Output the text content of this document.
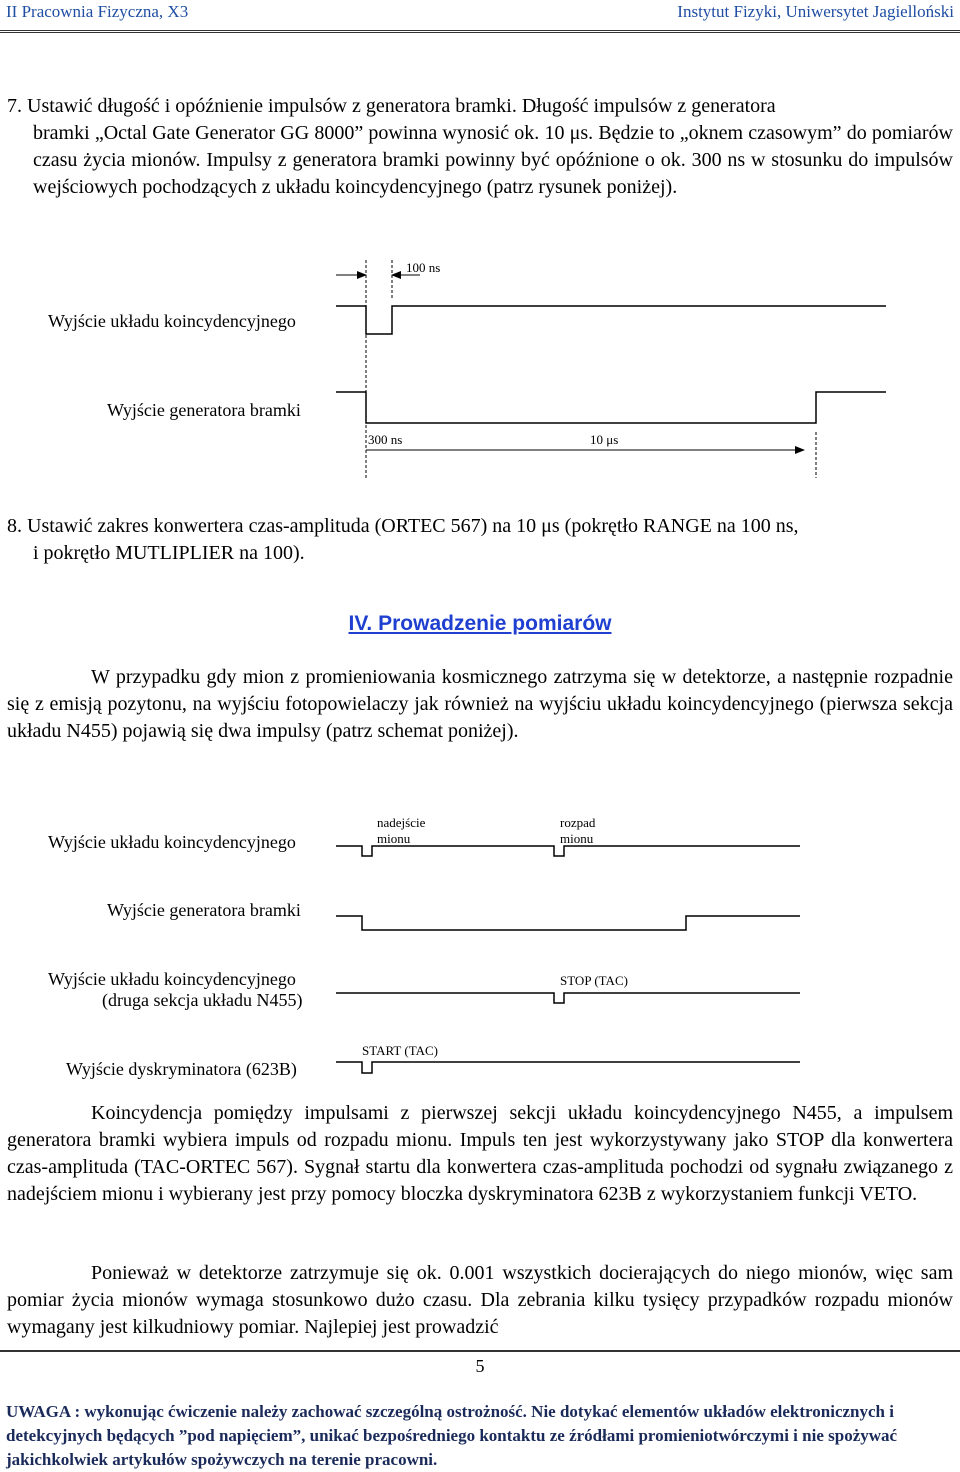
II Pracownia Fizyczna, X3	Instytut Fizyki, Uniwersytet Jagielloński
7. Ustawić długość i opóźnienie impulsów z generatora bramki. Długość impulsów z generatora
bramki „Octal Gate Generator GG 8000” powinna wynosić ok. 10 μs. Będzie to „oknem czasowym” do pomiarów czasu życia mionów. Impulsy z generatora bramki powinny być opóźnione o ok. 300 ns w stosunku do impulsów wejściowych pochodzących z układu koincydencyjnego (patrz rysunek poniżej).
Wyjście układu koincydencyjnego
Wyjście generatora bramki
100 ns
300 ns	10 μs
Wyjście układu koincydencyjnego
Wyjście generatora bramki
Wyjście układu koincydencyjnego
(druga sekcja układu N455)
Wyjście dyskryminatora (623B)
nadejście
mionu
rozpad
mionu
STOP (TAC)
START (TAC)
8. Ustawić zakres konwertera czas-amplituda (ORTEC 567) na 10 μs (pokrętło RANGE na 100 ns,
i pokrętło MUTLIPLIER na 100).
IV. Prowadzenie pomiarów
W przypadku gdy mion z promieniowania kosmicznego zatrzyma się w detektorze, a następnie rozpadnie się z emisją pozytonu, na wyjściu fotopowielaczy jak również na wyjściu układu koincydencyjnego (pierwsza sekcja układu N455) pojawią się dwa impulsy (patrz schemat poniżej).
Koincydencja pomiędzy impulsami z pierwszej sekcji układu koincydencyjnego N455, a impulsem generatora bramki wybiera impuls od rozpadu mionu. Impuls ten jest wykorzystywany jako STOP dla konwertera czas-amplituda (TAC-ORTEC 567). Sygnał startu dla konwertera czas-amplituda pochodzi od sygnału związanego z nadejściem mionu i wybierany jest przy pomocy bloczka dyskryminatora 623B z wykorzystaniem funkcji VETO.
Ponieważ w detektorze zatrzymuje się ok. 0.001 wszystkich docierających do niego mionów, więc sam pomiar życia mionów wymaga stosunkowo dużo czasu. Dla zebrania kilku tysięcy przypadków rozpadu mionów wymagany jest kilkudniowy pomiar. Najlepiej jest prowadzić
5
UWAGA : wykonując ćwiczenie należy zachować szczególną ostrożność. Nie dotykać elementów układów elektronicznych i detekcyjnych będących ”pod napięciem”, unikać bezpośredniego kontaktu ze źródłami promieniotwórczymi i nie spożywać jakichkolwiek artykułów spożywczych na terenie pracowni.
